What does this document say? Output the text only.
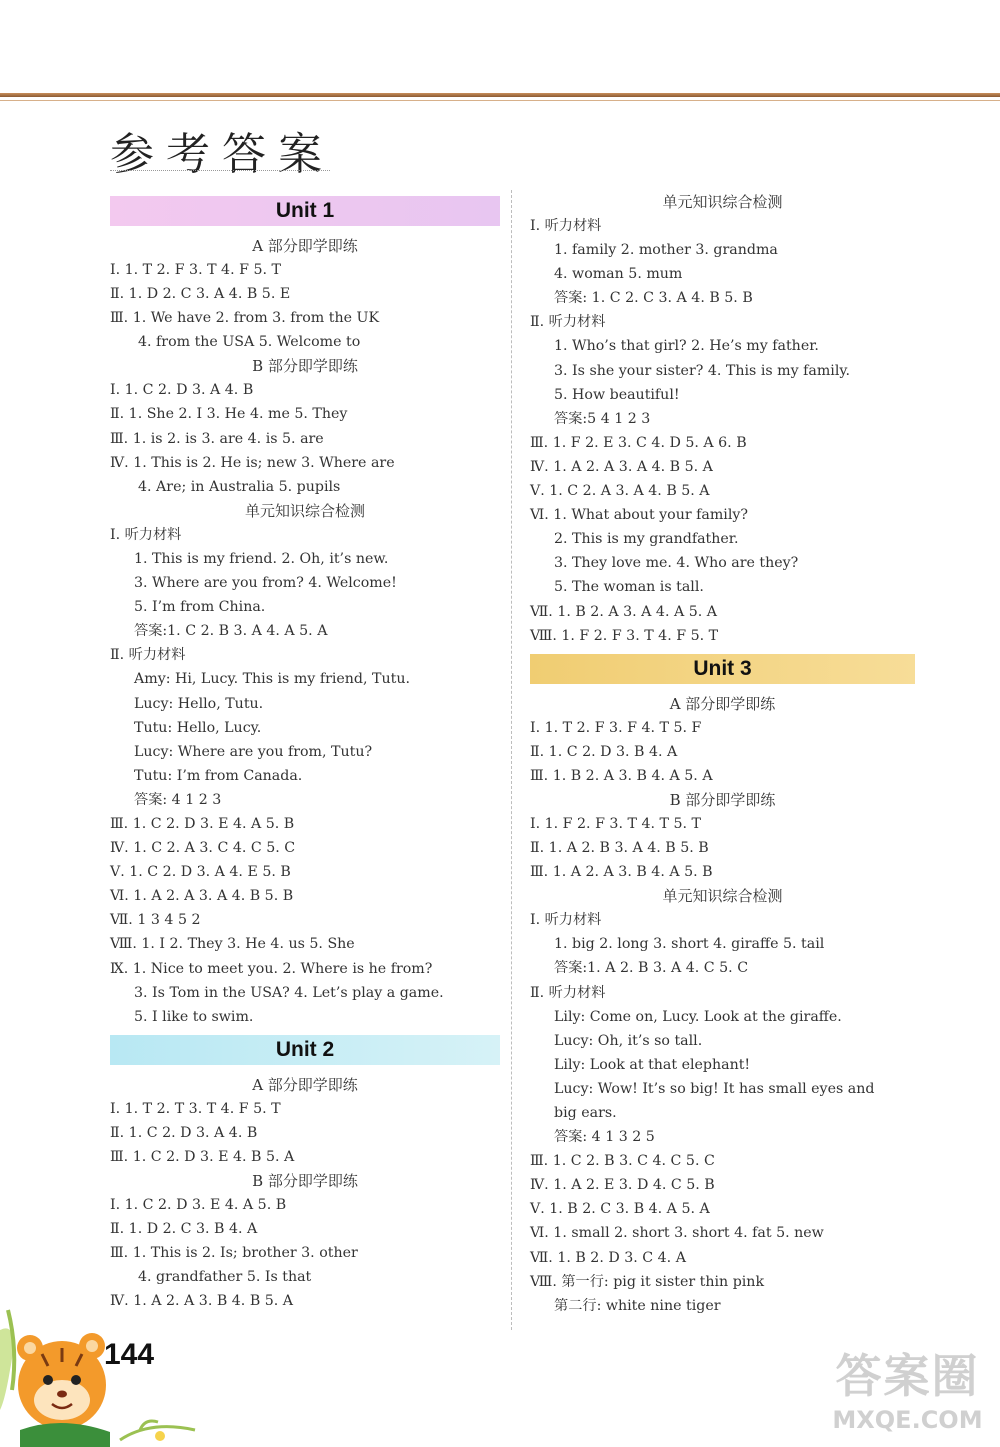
参考答案
Unit 1
A 部分即学即练
Ⅰ. 1. T 2. F 3. T 4. F 5. T
Ⅱ. 1. D 2. C 3. A 4. B 5. E
Ⅲ. 1. We have 2. from 3. from the UK
4. from the USA 5. Welcome to
B 部分即学即练
Ⅰ. 1. C 2. D 3. A 4. B
Ⅱ. 1. She 2. I 3. He 4. me 5. They
Ⅲ. 1. is 2. is 3. are 4. is 5. are
Ⅳ. 1. This is 2. He is; new 3. Where are
4. Are; in Australia 5. pupils
单元知识综合检测
Ⅰ. 听力材料
1. This is my friend. 2. Oh, it’s new.
3. Where are you from? 4. Welcome!
5. I’m from China.
答案:1. C 2. B 3. A 4. A 5. A
Ⅱ. 听力材料
Amy: Hi, Lucy. This is my friend, Tutu.
Lucy: Hello, Tutu.
Tutu: Hello, Lucy.
Lucy: Where are you from, Tutu?
Tutu: I’m from Canada.
答案: 4 1 2 3
Ⅲ. 1. C 2. D 3. E 4. A 5. B
Ⅳ. 1. C 2. A 3. C 4. C 5. C
Ⅴ. 1. C 2. D 3. A 4. E 5. B
Ⅵ. 1. A 2. A 3. A 4. B 5. B
Ⅶ. 1 3 4 5 2
Ⅷ. 1. I 2. They 3. He 4. us 5. She
Ⅸ. 1. Nice to meet you. 2. Where is he from?
3. Is Tom in the USA? 4. Let’s play a game.
5. I like to swim.
Unit 2
A 部分即学即练
Ⅰ. 1. T 2. T 3. T 4. F 5. T
Ⅱ. 1. C 2. D 3. A 4. B
Ⅲ. 1. C 2. D 3. E 4. B 5. A
B 部分即学即练
Ⅰ. 1. C 2. D 3. E 4. A 5. B
Ⅱ. 1. D 2. C 3. B 4. A
Ⅲ. 1. This is 2. Is; brother 3. other
4. grandfather 5. Is that
Ⅳ. 1. A 2. A 3. B 4. B 5. A
单元知识综合检测
Ⅰ. 听力材料
1. family 2. mother 3. grandma
4. woman 5. mum
答案: 1. C 2. C 3. A 4. B 5. B
Ⅱ. 听力材料
1. Who’s that girl? 2. He’s my father.
3. Is she your sister? 4. This is my family.
5. How beautiful!
答案:5 4 1 2 3
Ⅲ. 1. F 2. E 3. C 4. D 5. A 6. B
Ⅳ. 1. A 2. A 3. A 4. B 5. A
Ⅴ. 1. C 2. A 3. A 4. B 5. A
Ⅵ. 1. What about your family?
2. This is my grandfather.
3. They love me. 4. Who are they?
5. The woman is tall.
Ⅶ. 1. B 2. A 3. A 4. A 5. A
Ⅷ. 1. F 2. F 3. T 4. F 5. T
Unit 3
A 部分即学即练
Ⅰ. 1. T 2. F 3. F 4. T 5. F
Ⅱ. 1. C 2. D 3. B 4. A
Ⅲ. 1. B 2. A 3. B 4. A 5. A
B 部分即学即练
Ⅰ. 1. F 2. F 3. T 4. T 5. T
Ⅱ. 1. A 2. B 3. A 4. B 5. B
Ⅲ. 1. A 2. A 3. B 4. A 5. B
单元知识综合检测
Ⅰ. 听力材料
1. big 2. long 3. short 4. giraffe 5. tail
答案:1. A 2. B 3. A 4. C 5. C
Ⅱ. 听力材料
Lily: Come on, Lucy. Look at the giraffe.
Lucy: Oh, it’s so tall.
Lily: Look at that elephant!
Lucy: Wow! It’s so big! It has small eyes and
big ears.
答案: 4 1 3 2 5
Ⅲ. 1. C 2. B 3. C 4. C 5. C
Ⅳ. 1. A 2. E 3. D 4. C 5. B
Ⅴ. 1. B 2. C 3. B 4. A 5. A
Ⅵ. 1. small 2. short 3. short 4. fat 5. new
Ⅶ. 1. B 2. D 3. C 4. A
Ⅷ. 第一行: pig it sister thin pink
第二行: white nine tiger
144	答案圈
MXQE.COM
